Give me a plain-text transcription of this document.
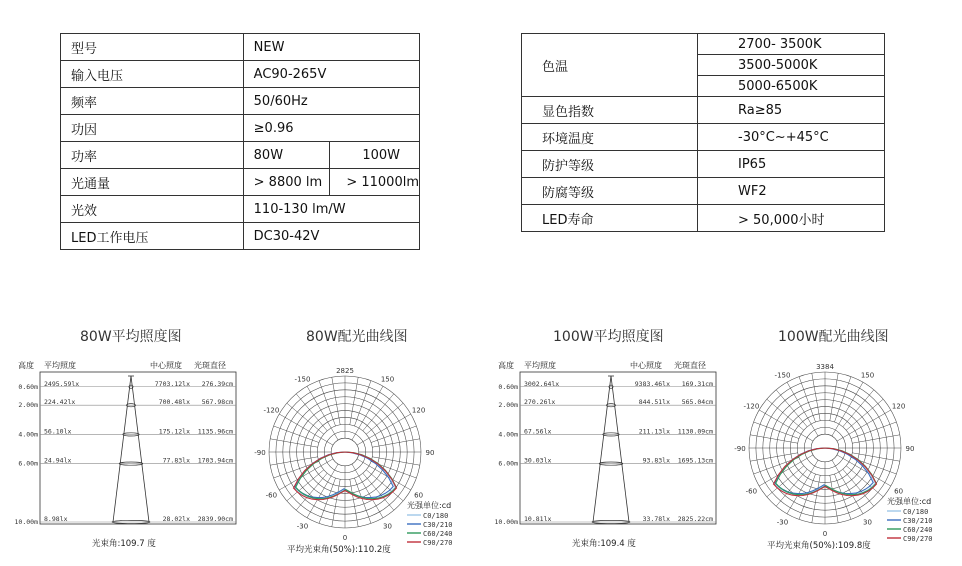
型号	NEW	
输入电压	AC90-265V	
频率	50/60Hz	
功因	≥0.96	
功率	80W	100W
光通量	> 8800 lm	> 11000lm
光效	110-130 lm/W	
LED工作电压	DC30-42V	
色温	2700- 3500K
	3500-5000K
	5000-6500K
显色指数	Ra≥85
环境温度	-30°C~+45°C
防护等级	IP65
防腐等级	WF2
LED寿命	> 50,000小时
80W平均照度图	80W配光曲线图	100W平均照度图	100W配光曲线图
高度 平均照度	中心照度 光斑直径
0.60m 2495.59lx	7703.12lx 276.39cm
2.00m 224.42lx	700.48lx 567.98cm
4.00m 56.10lx	175.12lx 1135.96cm
6.00m 24.94lx	77.83lx 1703.94cm
10.00m 8.98lx	28.02lx 2839.90cm
光束角:109.7 度
高度 平均照度	中心照度 光斑直径
0.60m 3002.64lx	9383.46lx 169.31cm
2.00m 270.26lx	844.51lx 565.04cm
4.00m 67.56lx	211.13lx 1130.09cm
6.00m 30.03lx	93.83lx 1695.13cm
10.00m 10.81lx	33.78lx 2825.22cm
光束角:109.4 度
2825
150
120
90
60
30
0
-30
-60
-90
-120
-150
光强单位:cd
C0/180
C30/210
C60/240
C90/270
平均光束角(50%):110.2度
3384
150
120
90
60
30
0
-30
-60
-90
-120
-150
光强单位:cd
C0/180
C30/210
C60/240
C90/270
平均光束角(50%):109.8度
